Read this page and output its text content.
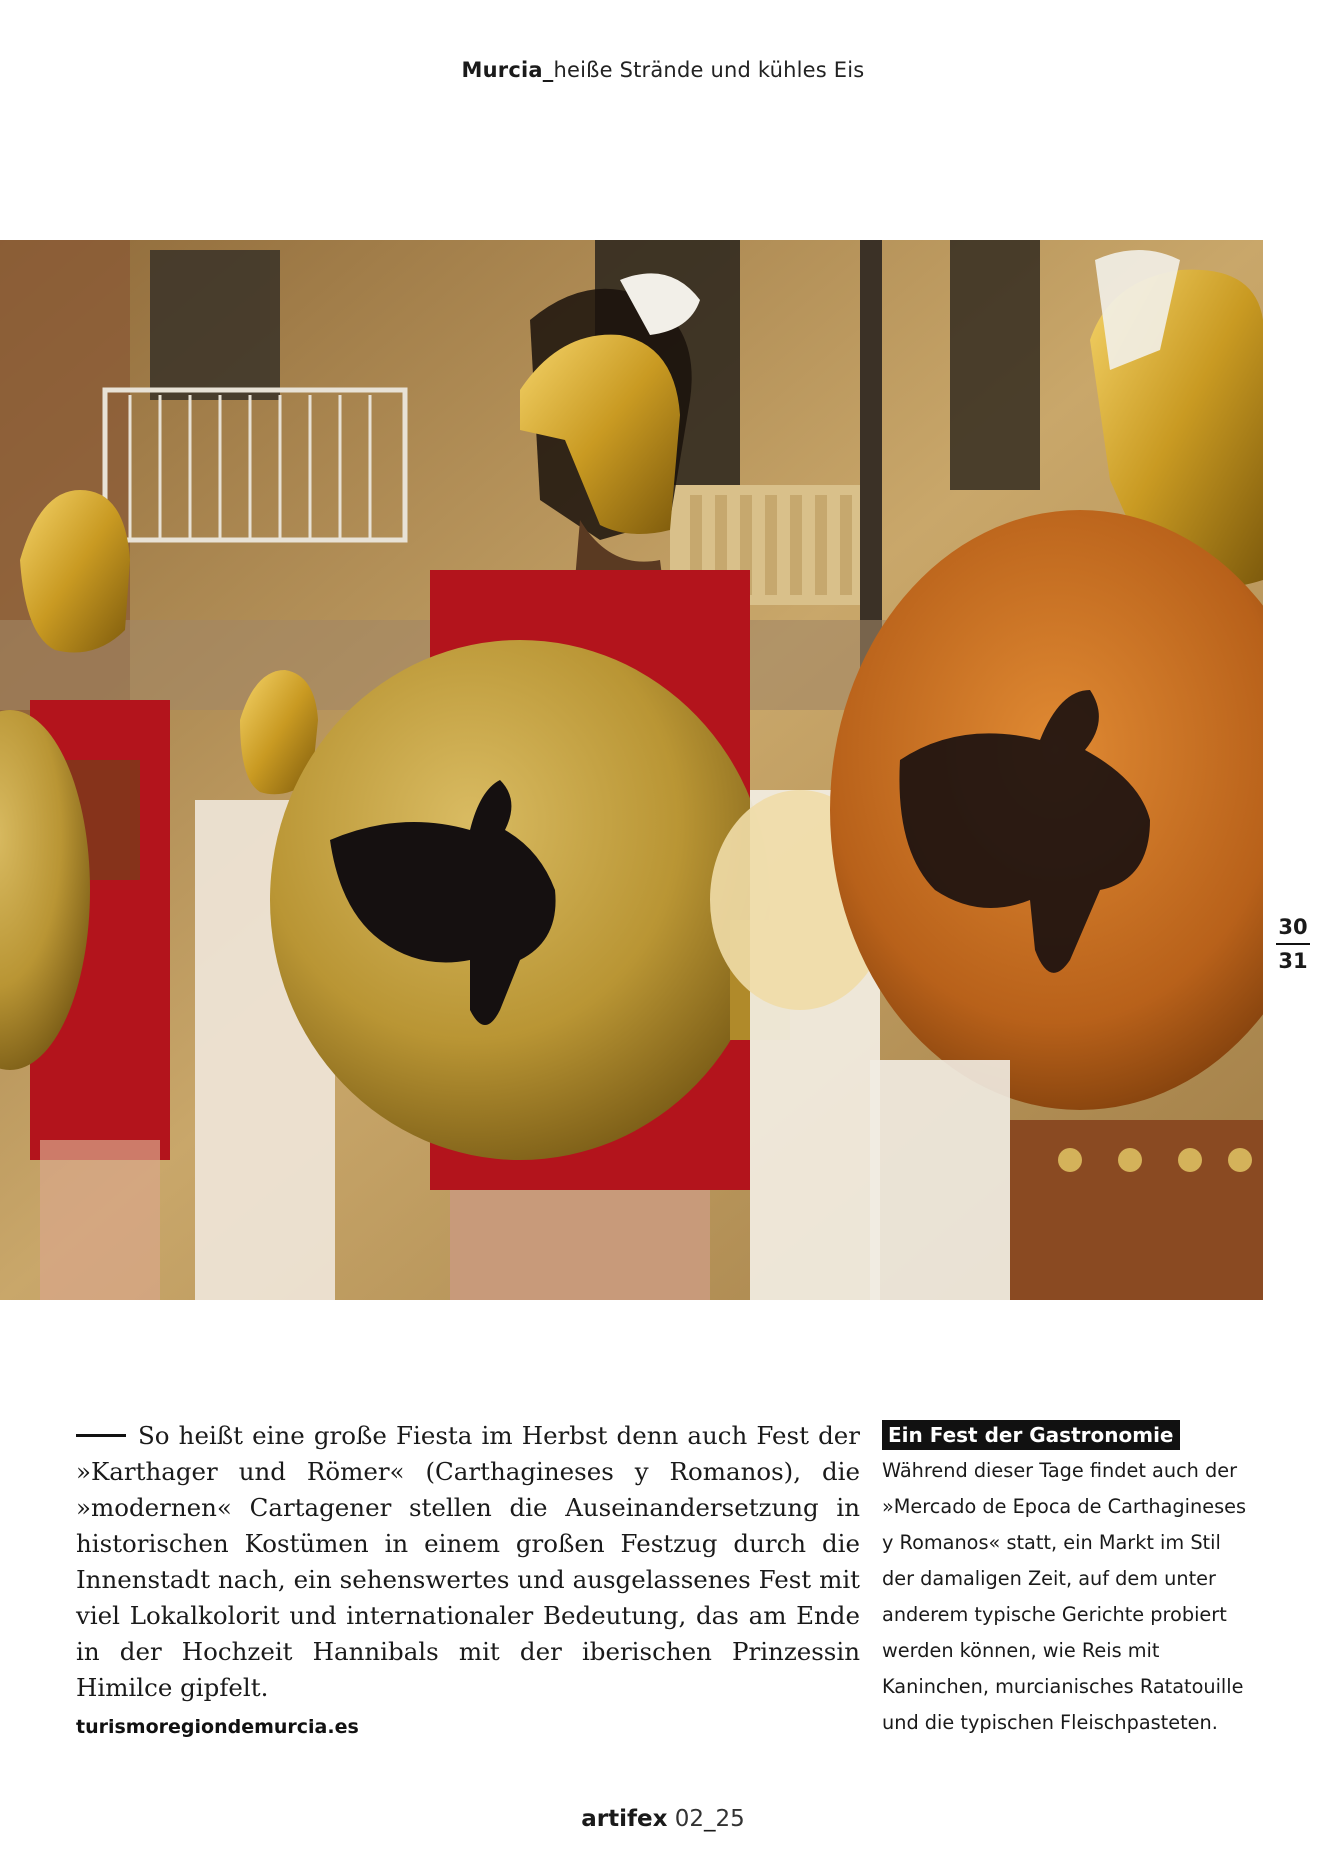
Murcia_heiße Strände und kühles Eis
30
31
So heißt eine große Fiesta im Herbst denn auch Fest der »Karthager und Römer« (Carthagineses y Romanos), die »modernen« Cartagener stellen die Auseinandersetzung in historischen Kostümen in einem großen Festzug durch die Innenstadt nach, ein sehenswertes und ausgelassenes Fest mit viel Lokalkolorit und internationaler Bedeutung, das am Ende in der Hochzeit Hannibals mit der iberischen Prinzessin Himilce gipfelt.
turismoregiondemurcia.es
Ein Fest der Gastronomie
Während dieser Tage findet auch der »Mercado de Epoca de Carthagineses y Romanos« statt, ein Markt im Stil der damaligen Zeit, auf dem unter anderem typische Gerichte probiert werden können, wie Reis mit Kaninchen, murcianisches Ratatouille und die typischen Fleischpasteten.
artifex 02_25
